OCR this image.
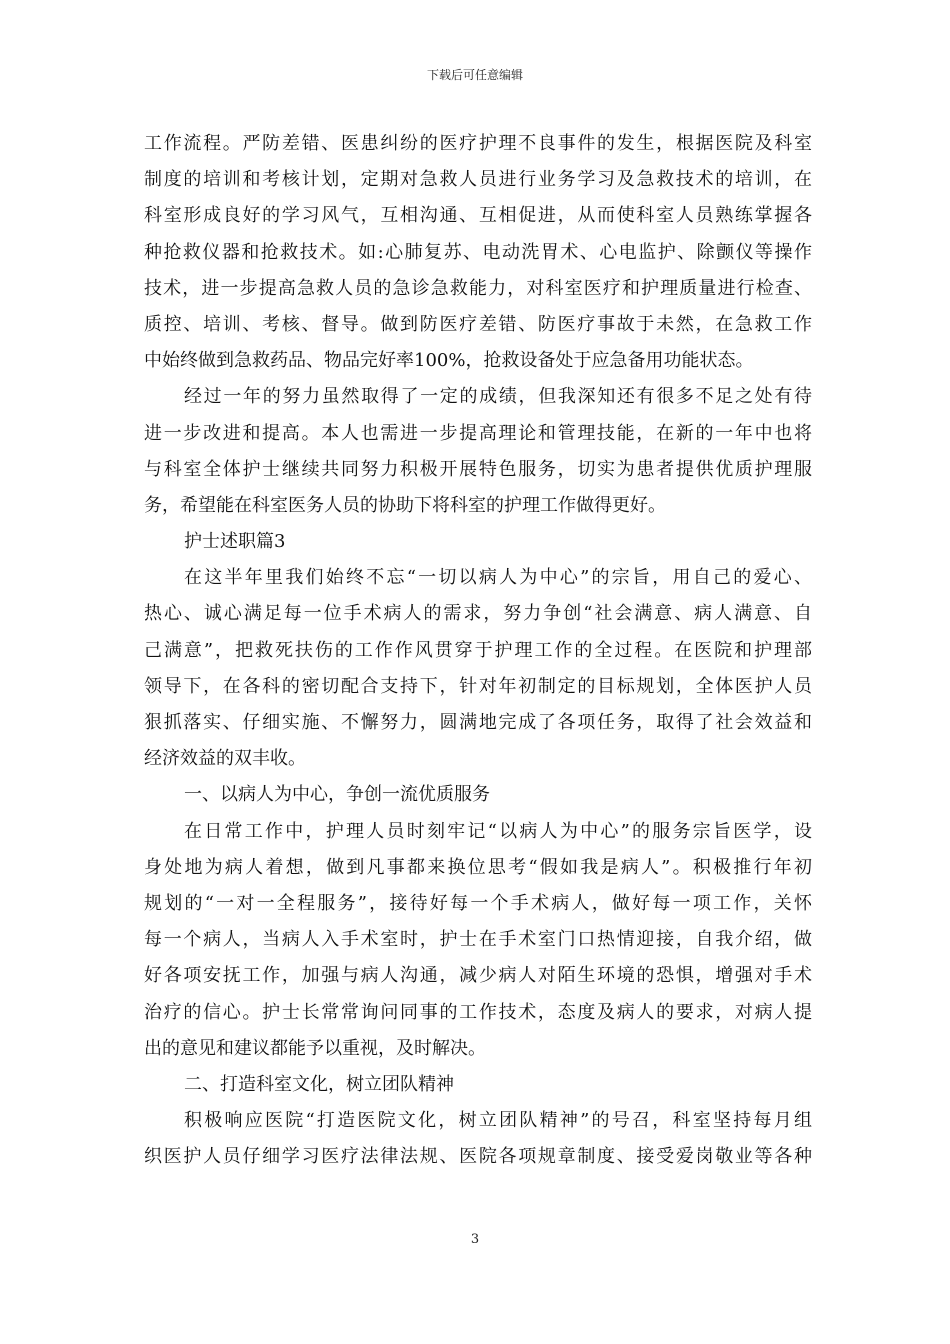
下载后可任意编辑
工作流程。严防差错、医患纠纷的医疗护理不良事件的发生，根据医院及科室
制度的培训和考核计划，定期对急救人员进行业务学习及急救技术的培训，在
科室形成良好的学习风气，互相沟通、互相促进，从而使科室人员熟练掌握各
种抢救仪器和抢救技术。如:心肺复苏、电动洗胃术、心电监护、除颤仪等操作
技术，进一步提高急救人员的急诊急救能力，对科室医疗和护理质量进行检查、
质控、培训、考核、督导。做到防医疗差错、防医疗事故于未然，在急救工作
中始终做到急救药品、物品完好率100%，抢救设备处于应急备用功能状态。
经过一年的努力虽然取得了一定的成绩，但我深知还有很多不足之处有待
进一步改进和提高。本人也需进一步提高理论和管理技能，在新的一年中也将
与科室全体护士继续共同努力积极开展特色服务，切实为患者提供优质护理服
务，希望能在科室医务人员的协助下将科室的护理工作做得更好。
护士述职篇3
在这半年里我们始终不忘“一切以病人为中心”的宗旨，用自己的爱心、
热心、诚心满足每一位手术病人的需求，努力争创“社会满意、病人满意、自
己满意”，把救死扶伤的工作作风贯穿于护理工作的全过程。在医院和护理部
领导下，在各科的密切配合支持下，针对年初制定的目标规划，全体医护人员
狠抓落实、仔细实施、不懈努力，圆满地完成了各项任务，取得了社会效益和
经济效益的双丰收。
一、以病人为中心，争创一流优质服务
在日常工作中，护理人员时刻牢记“以病人为中心”的服务宗旨医学，设
身处地为病人着想，做到凡事都来换位思考“假如我是病人”。积极推行年初
规划的“一对一全程服务”，接待好每一个手术病人，做好每一项工作，关怀
每一个病人，当病人入手术室时，护士在手术室门口热情迎接，自我介绍，做
好各项安抚工作，加强与病人沟通，减少病人对陌生环境的恐惧，增强对手术
治疗的信心。护士长常常询问同事的工作技术，态度及病人的要求，对病人提
出的意见和建议都能予以重视，及时解决。
二、打造科室文化，树立团队精神
积极响应医院“打造医院文化，树立团队精神”的号召，科室坚持每月组
织医护人员仔细学习医疗法律法规、医院各项规章制度、接受爱岗敬业等各种
3
